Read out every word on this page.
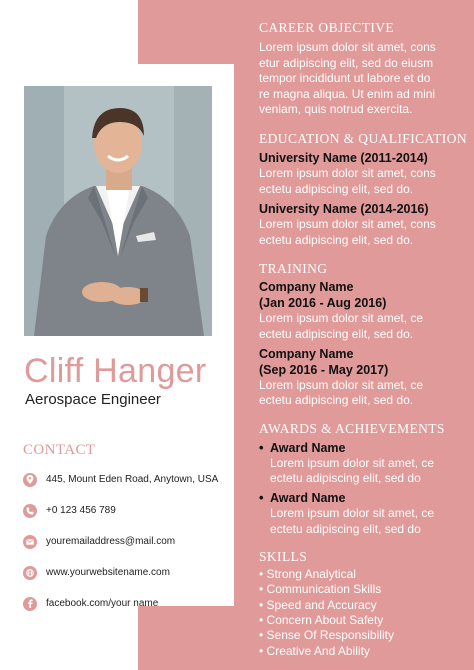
Cliff Hanger
Aerospace Engineer
CONTACT
445, Mount Eden Road, Anytown, USA
+0 123 456 789
youremailaddress@mail.com
www.yourwebsitename.com
facebook.com/your name
CAREER OBJECTIVE
Lorem ipsum dolor sit amet, cons
etur adipiscing elit, sed do eiusm
tempor incididunt ut labore et do
re magna aliqua. Ut enim ad mini
veniam, quis notrud exercita.
EDUCATION & QUALIFICATION
University Name (2011-2014)
Lorem ipsum dolor sit amet, cons
ectetu adipiscing elit, sed do.
University Name (2014-2016)
Lorem ipsum dolor sit amet, cons
ectetu adipiscing elit, sed do.
TRAINING
Company Name
(Jan 2016 - Aug 2016)
Lorem ipsum dolor sit amet, ce
ectetu adipiscing elit, sed do.
Company Name
(Sep 2016 - May 2017)
Lorem ipsum dolor sit amet, ce
ectetu adipiscing elit, sed do.
AWARDS & ACHIEVEMENTS
• Award Name
Lorem ipsum dolor sit amet, ce
ectetu adipiscing elit, sed do
• Award Name
Lorem ipsum dolor sit amet, ce
ectetu adipiscing elit, sed do
SKILLS
• Strong Analytical
• Communication Skills
• Speed and Accuracy
• Concern About Safety
• Sense Of Responsibility
• Creative And Ability
